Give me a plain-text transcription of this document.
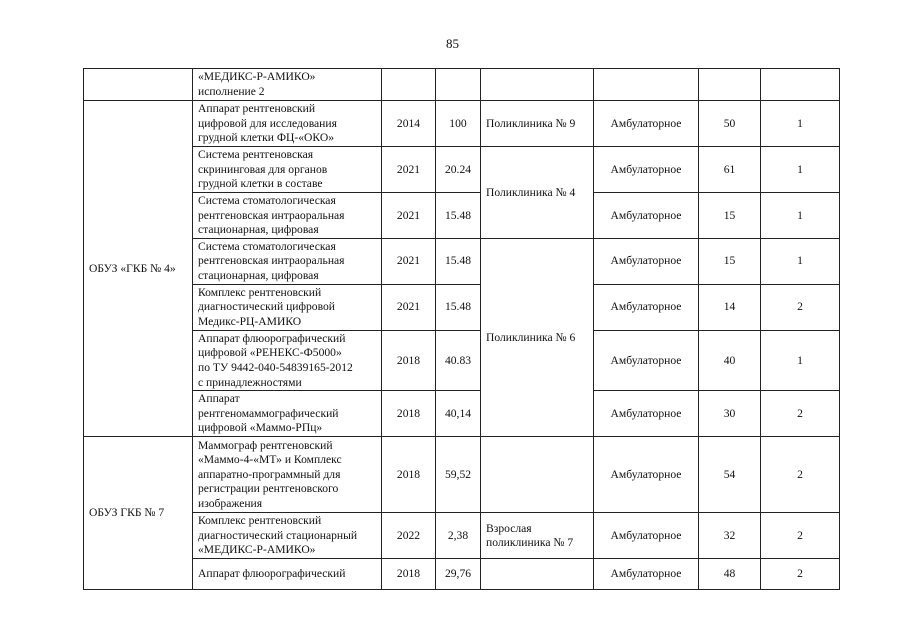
85

	«МЕДИКС-Р-АМИКО»
исполнение 2						

ОБУЗ «ГКБ № 4»	Аппарат рентгеновский
цифровой для исследования
грудной клетки ФЦ-«ОКО»	2014	100	Поликлиника № 9	Амбулаторное	50	1

	Система рентгеновская
скрининговая для органов
грудной клетки в составе	2021	20.24	Поликлиника № 4	Амбулаторное	61	1

	Система стоматологическая
рентгеновская интраоральная
стационарная, цифровая	2021	15.48		Амбулаторное	15	1

	Система стоматологическая
рентгеновская интраоральная
стационарная, цифровая	2021	15.48	Поликлиника № 6	Амбулаторное	15	1

	Комплекс рентгеновский
диагностический цифровой
Медикс-РЦ-АМИКО	2021	15.48		Амбулаторное	14	2

	Аппарат флюорографический
цифровой «РЕНЕКС-Ф5000»
по ТУ 9442-040-54839165-2012
с принадлежностями	2018	40.83		Амбулаторное	40	1

	Аппарат
рентгеномаммографический
цифровой «Маммо-РПц»	2018	40,14		Амбулаторное	30	2
ОБУЗ ГКБ № 7	Маммограф рентгеновский
«Маммо-4-«МТ» и Комплекс
аппаратно-программный для
регистрации рентгеновского
изображения	2018	59,52		Амбулаторное	54	2

	Комплекс рентгеновский
диагностический стационарный
«МЕДИКС-Р-АМИКО»	2022	2,38	Взрослая поликлиника № 7	Амбулаторное	32	2

	Аппарат флюорографический	2018	29,76		Амбулаторное	48	2
